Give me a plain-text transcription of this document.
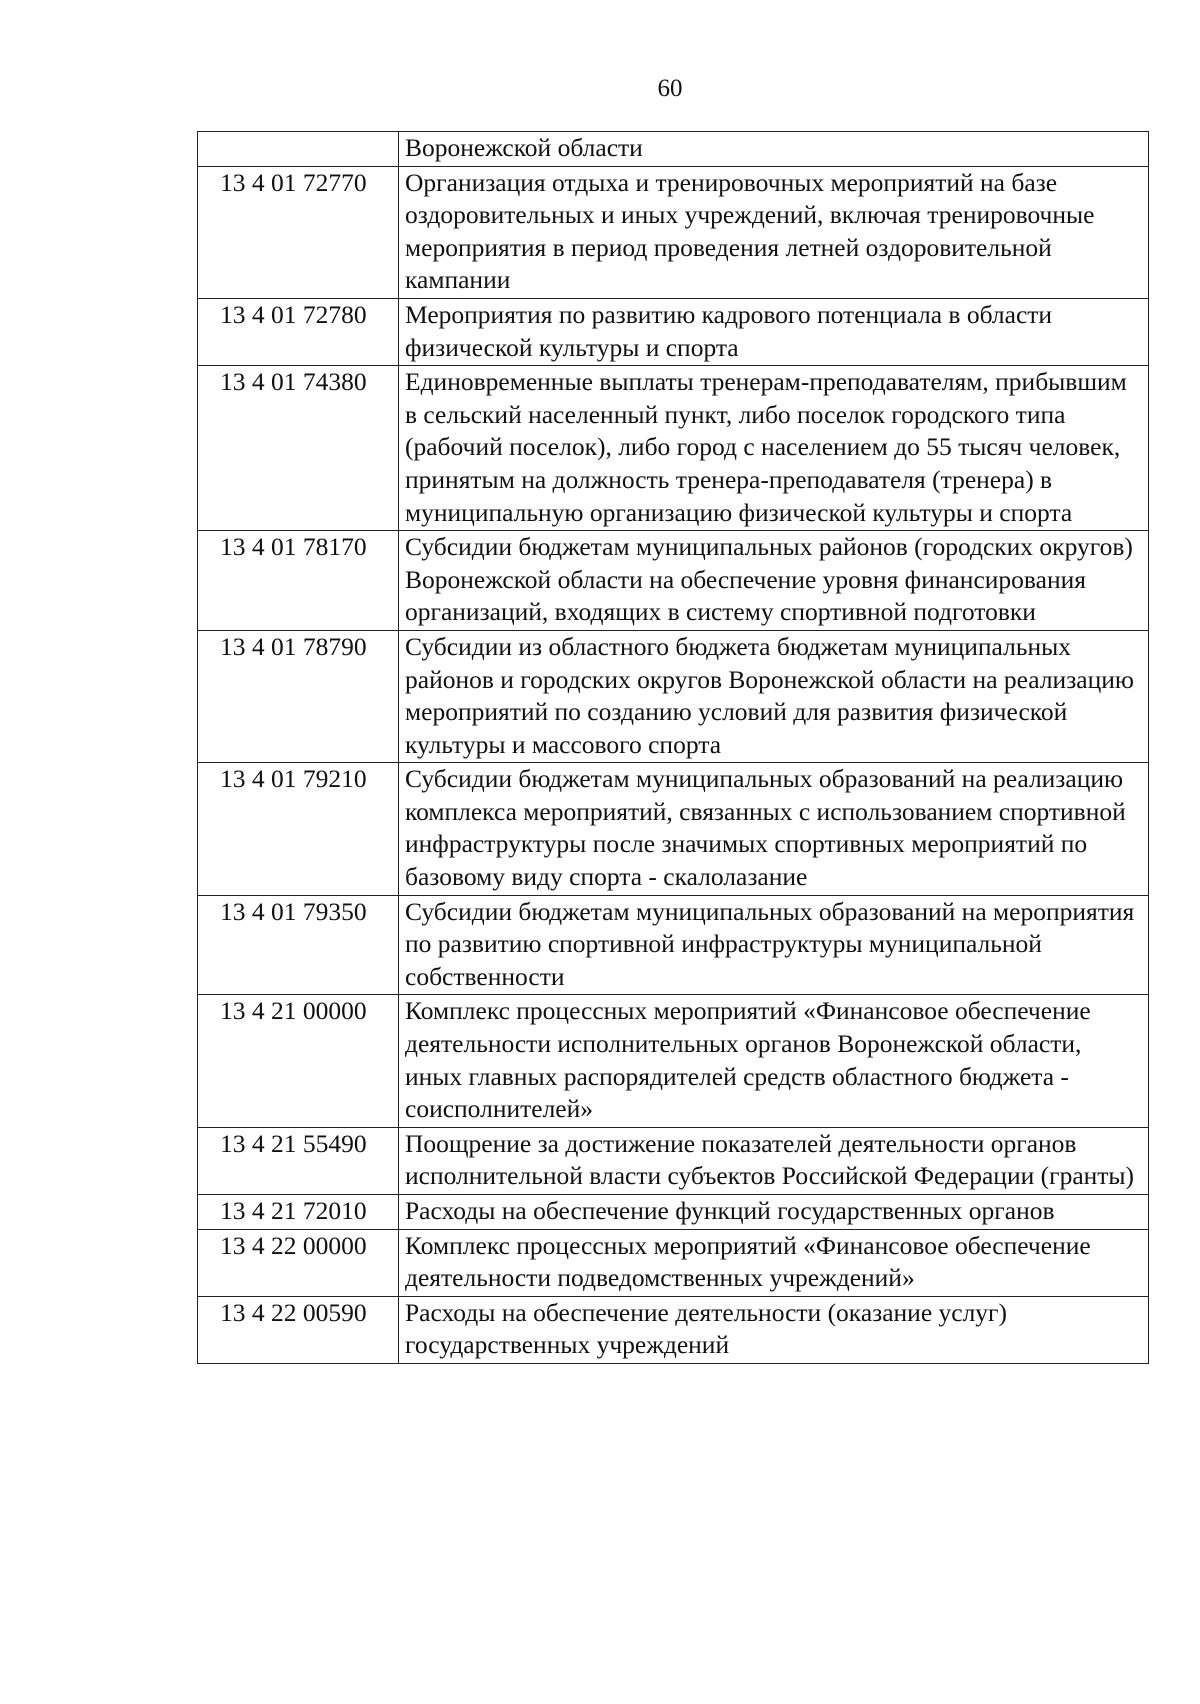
60
	Воронежской области
13 4 01 72770	Организация отдыха и тренировочных мероприятий на базе оздоровительных и иных учреждений, включая тренировочные мероприятия в период проведения летней оздоровительной кампании
13 4 01 72780	Мероприятия по развитию кадрового потенциала в области физической культуры и спорта
13 4 01 74380	Единовременные выплаты тренерам-преподавателям, прибывшим в сельский населенный пункт, либо поселок городского типа (рабочий поселок), либо город с населением до 55 тысяч человек, принятым на должность тренера-преподавателя (тренера) в муниципальную организацию физической культуры и спорта
13 4 01 78170	Субсидии бюджетам муниципальных районов (городских округов) Воронежской области на обеспечение уровня финансирования организаций, входящих в систему спортивной подготовки
13 4 01 78790	Субсидии из областного бюджета бюджетам муниципальных районов и городских округов Воронежской области на реализацию мероприятий по созданию условий для развития физической культуры и массового спорта
13 4 01 79210	Субсидии бюджетам муниципальных образований на реализацию комплекса мероприятий, связанных с использованием спортивной инфраструктуры после значимых спортивных мероприятий по базовому виду спорта - скалолазание
13 4 01 79350	Субсидии бюджетам муниципальных образований на мероприятия по развитию спортивной инфраструктуры муниципальной собственности
13 4 21 00000	Комплекс процессных мероприятий «Финансовое обеспечение деятельности исполнительных органов Воронежской области, иных главных распорядителей средств областного бюджета - соисполнителей»
13 4 21 55490	Поощрение за достижение показателей деятельности органов исполнительной власти субъектов Российской Федерации (гранты)
13 4 21 72010	Расходы на обеспечение функций государственных органов
13 4 22 00000	Комплекс процессных мероприятий «Финансовое обеспечение деятельности подведомственных учреждений»
13 4 22 00590	Расходы на обеспечение деятельности (оказание услуг) государственных учреждений
